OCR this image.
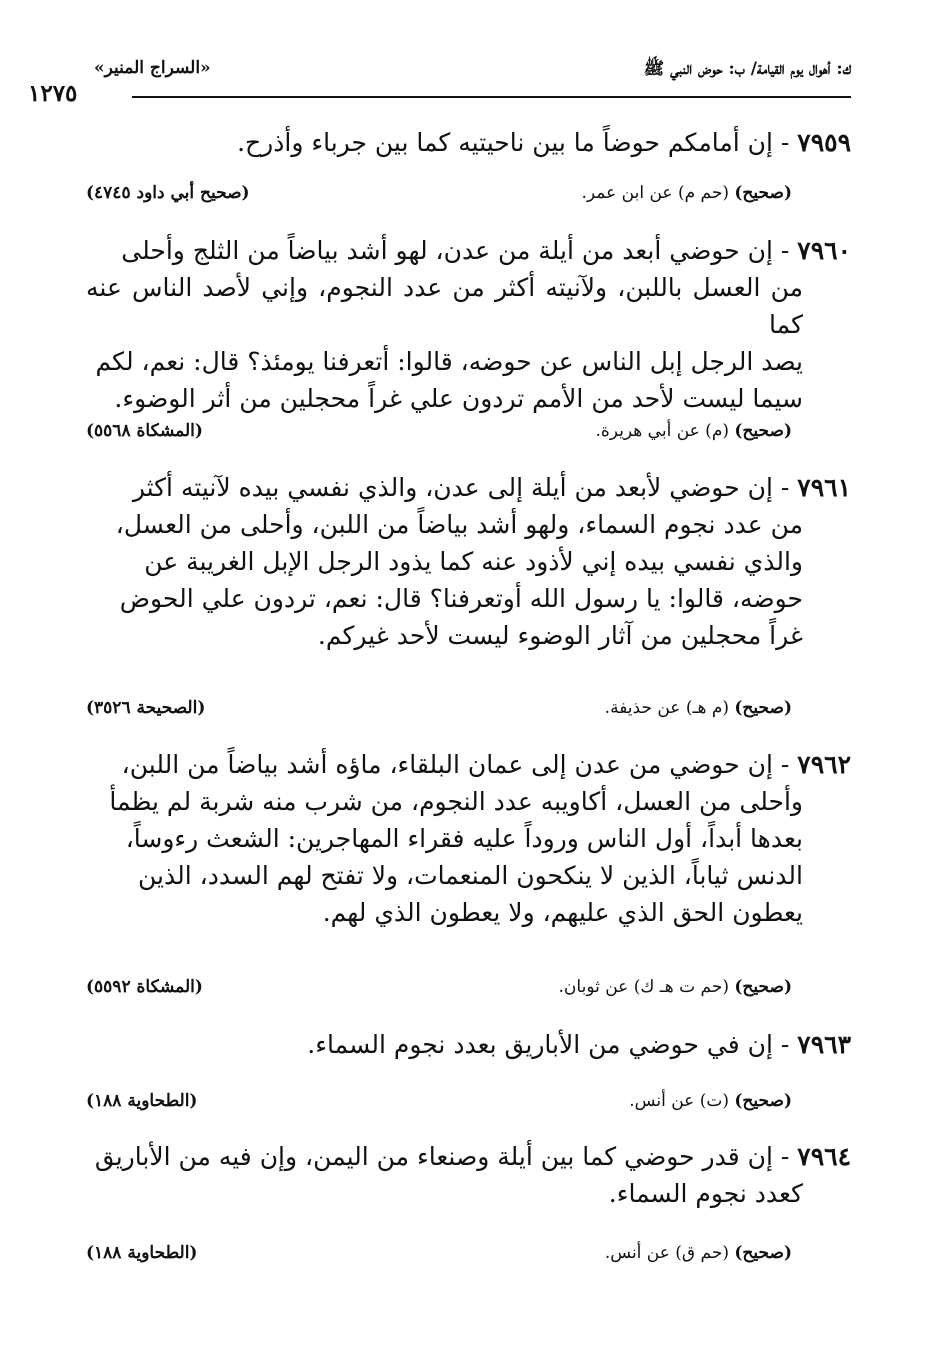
ك: أهوال يوم القيامة/ ب: حوض النبي ﷺ
«السراج المنير»
١٢٧٥

٧٩٥٩ - إن أمامكم حوضاً ما بين ناحيتيه كما بين جرباء وأذرح.

(صحيح) (حم م) عن ابن عمر.
(صحيح أبي داود ٤٧٤٥)

٧٩٦٠ - إن حوضي أبعد من أيلة من عدن، لهو أشد بياضاً من الثلج وأحلى
من العسل باللبن، ولآنيته أكثر من عدد النجوم، وإني لأصد الناس عنه كما
يصد الرجل إبل الناس عن حوضه، قالوا: أتعرفنا يومئذ؟ قال: نعم، لكم
سيما ليست لأحد من الأمم تردون علي غراً محجلين من أثر الوضوء.

(صحيح) (م) عن أبي هريرة.
(المشكاة ٥٥٦٨)

٧٩٦١ - إن حوضي لأبعد من أيلة إلى عدن، والذي نفسي بيده لآنيته أكثر
من عدد نجوم السماء، ولهو أشد بياضاً من اللبن، وأحلى من العسل،
والذي نفسي بيده إني لأذود عنه كما يذود الرجل الإبل الغريبة عن
حوضه، قالوا: يا رسول الله أوتعرفنا؟ قال: نعم، تردون علي الحوض
غراً محجلين من آثار الوضوء ليست لأحد غيركم.

(صحيح) (م هـ) عن حذيفة.
(الصحيحة ٣٥٢٦)

٧٩٦٢ - إن حوضي من عدن إلى عمان البلقاء، ماؤه أشد بياضاً من اللبن،
وأحلى من العسل، أكاويبه عدد النجوم، من شرب منه شربة لم يظمأ
بعدها أبداً، أول الناس وروداً عليه فقراء المهاجرين: الشعث رءوساً،
الدنس ثياباً، الذين لا ينكحون المنعمات، ولا تفتح لهم السدد، الذين
يعطون الحق الذي عليهم، ولا يعطون الذي لهم.

(صحيح) (حم ت هـ ك) عن ثوبان.
(المشكاة ٥٥٩٢)

٧٩٦٣ - إن في حوضي من الأباريق بعدد نجوم السماء.

(صحيح) (ت) عن أنس.
(الطحاوية ١٨٨)

٧٩٦٤ - إن قدر حوضي كما بين أيلة وصنعاء من اليمن، وإن فيه من الأباريق
كعدد نجوم السماء.

(صحيح) (حم ق) عن أنس.
(الطحاوية ١٨٨)
